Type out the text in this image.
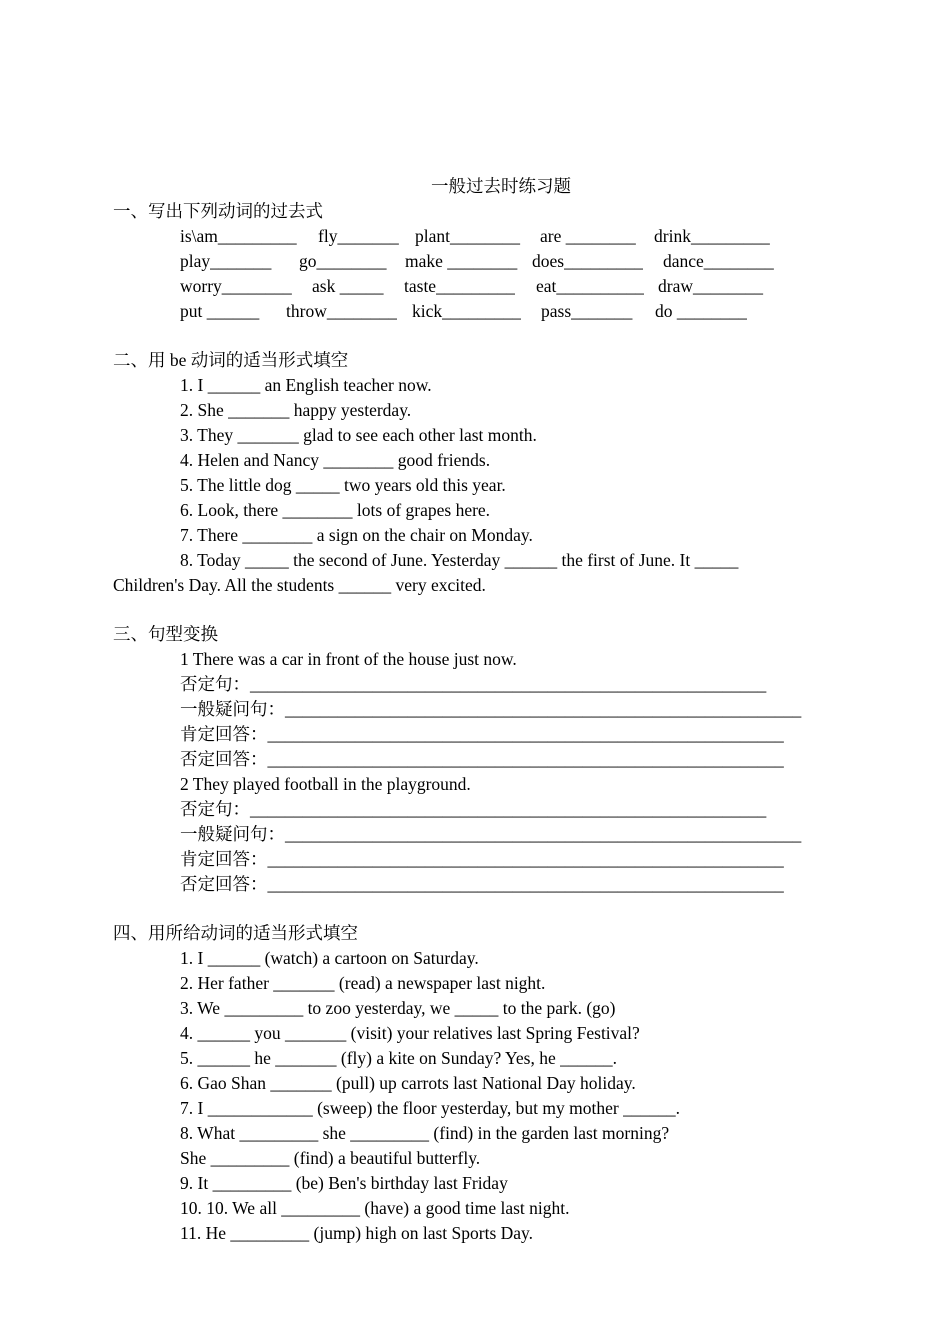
一般过去时练习题
一、写出下列动词的过去式
is\am_________ fly_______ plant________ are ________ drink_________
play_______ go________ make ________ does_________ dance________
worry________ ask _____ taste_________ eat__________ draw________
put ______ throw________ kick_________ pass_______ do ________
二、用 be 动词的适当形式填空
1. I ______ an English teacher now.
2. She _______ happy yesterday.
3. They _______ glad to see each other last month.
4. Helen and Nancy ________ good friends.
5. The little dog _____ two years old this year.
6. Look, there ________ lots of grapes here.
7. There ________ a sign on the chair on Monday.
8. Today _____ the second of June. Yesterday ______ the first of June. It _____
Children's Day. All the students ______ very excited.
三、句型变换
1 There was a car in front of the house just now.
否定句：___________________________________________________________
一般疑问句：___________________________________________________________
肯定回答：___________________________________________________________
否定回答：___________________________________________________________
2 They played football in the playground.
否定句：___________________________________________________________
一般疑问句：___________________________________________________________
肯定回答：___________________________________________________________
否定回答：___________________________________________________________
四、用所给动词的适当形式填空
1. I ______ (watch) a cartoon on Saturday.
2. Her father _______ (read) a newspaper last night.
3. We _________ to zoo yesterday, we _____ to the park. (go)
4. ______ you _______ (visit) your relatives last Spring Festival?
5. ______ he _______ (fly) a kite on Sunday? Yes, he ______.
6. Gao Shan _______ (pull) up carrots last National Day holiday.
7. I ____________ (sweep) the floor yesterday, but my mother ______.
8. What _________ she _________ (find) in the garden last morning?
She _________ (find) a beautiful butterfly.
9. It _________ (be) Ben's birthday last Friday
10. 10. We all _________ (have) a good time last night.
11. He _________ (jump) high on last Sports Day.
